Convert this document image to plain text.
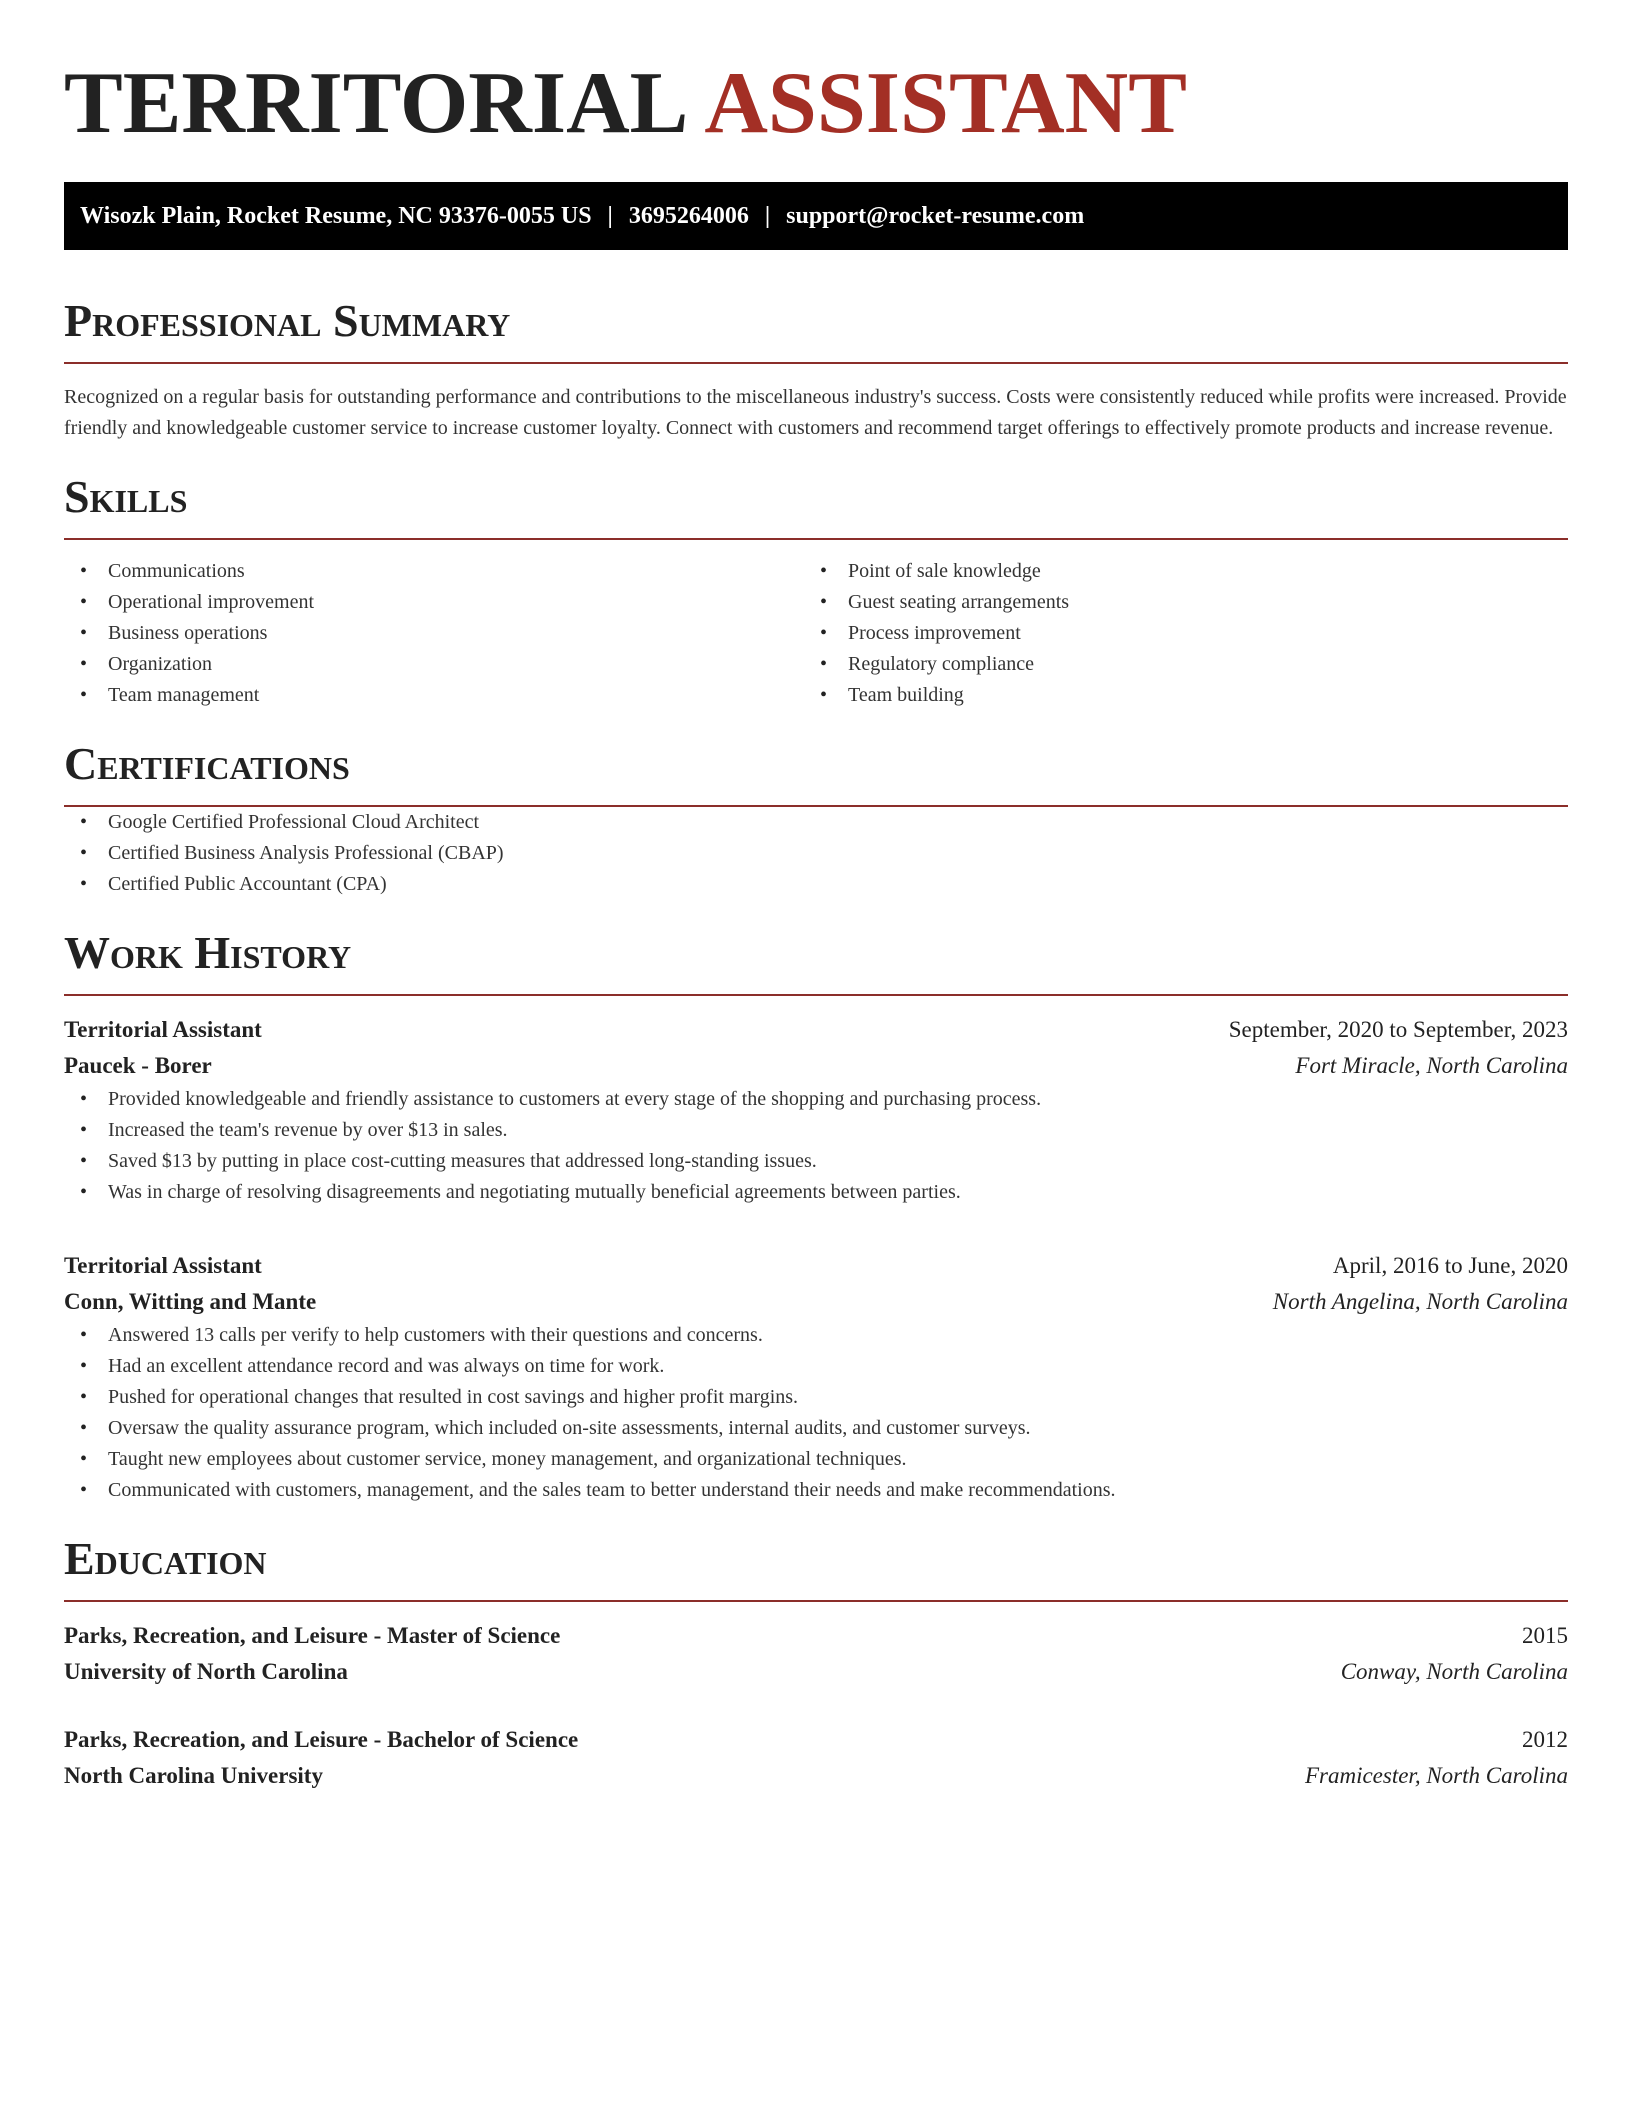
TERRITORIAL ASSISTANT
Wisozk Plain, Rocket Resume, NC 93376-0055 US | 3695264006 | support@rocket-resume.com
Professional Summary

Recognized on a regular basis for outstanding performance and contributions to the miscellaneous industry's success. Costs were consistently reduced while profits were increased. Provide friendly and knowledgeable customer service to increase customer loyalty. Connect with customers and recommend target offerings to effectively promote products and increase revenue.

Skills
• Communications
• Operational improvement
• Business operations
• Organization
• Team management
• Point of sale knowledge
• Guest seating arrangements
• Process improvement
• Regulatory compliance
• Team building
Certifications
• Google Certified Professional Cloud Architect
• Certified Business Analysis Professional (CBAP)
• Certified Public Accountant (CPA)
Work History
Territorial Assistant	September, 2020 to September, 2023
Paucek - Borer	Fort Miracle, North Carolina
• Provided knowledgeable and friendly assistance to customers at every stage of the shopping and purchasing process.
• Increased the team's revenue by over $13 in sales.
• Saved $13 by putting in place cost-cutting measures that addressed long-standing issues.
• Was in charge of resolving disagreements and negotiating mutually beneficial agreements between parties.
Territorial Assistant	April, 2016 to June, 2020
Conn, Witting and Mante	North Angelina, North Carolina
• Answered 13 calls per verify to help customers with their questions and concerns.
• Had an excellent attendance record and was always on time for work.
• Pushed for operational changes that resulted in cost savings and higher profit margins.
• Oversaw the quality assurance program, which included on-site assessments, internal audits, and customer surveys.
• Taught new employees about customer service, money management, and organizational techniques.
• Communicated with customers, management, and the sales team to better understand their needs and make recommendations.
Education
Parks, Recreation, and Leisure - Master of Science	2015
University of North Carolina	Conway, North Carolina
Parks, Recreation, and Leisure - Bachelor of Science	2012
North Carolina University	Framicester, North Carolina
